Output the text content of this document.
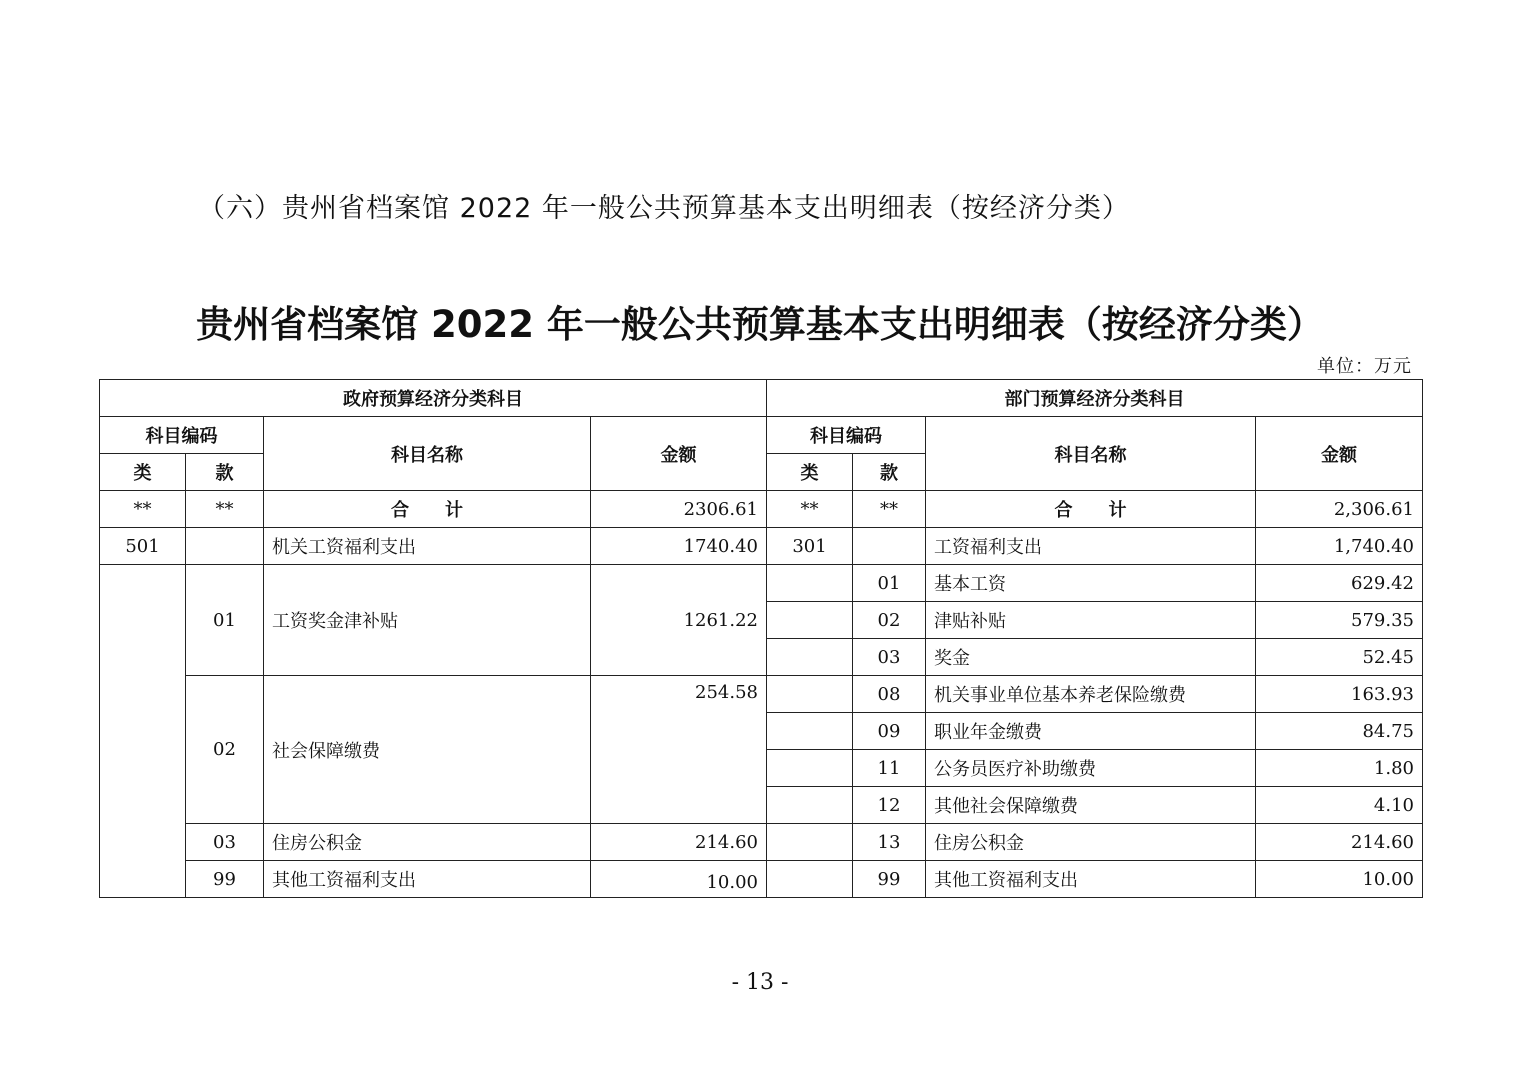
（六）贵州省档案馆 2022 年一般公共预算基本支出明细表（按经济分类）
贵州省档案馆 2022 年一般公共预算基本支出明细表（按经济分类）
单位：万元
政府预算经济分类科目				部门预算经济分类科目			
科目编码		科目名称	金额	科目编码		科目名称	金额
类	款			类	款		
**	**	合　　计	2306.61	**	**	合　　计	2,306.61
501		机关工资福利支出	1740.40	301		工资福利支出	1,740.40
	01	工资奖金津补贴	1261.22		01	基本工资	629.42
					02	津贴补贴	579.35
					03	奖金	52.45
	02	社会保障缴费	254.58		08	机关事业单位基本养老保险缴费	163.93
					09	职业年金缴费	84.75
					11	公务员医疗补助缴费	1.80
					12	其他社会保障缴费	4.10
	03	住房公积金	214.60		13	住房公积金	214.60
	99	其他工资福利支出	10.00		99	其他工资福利支出	10.00
- 13 -
